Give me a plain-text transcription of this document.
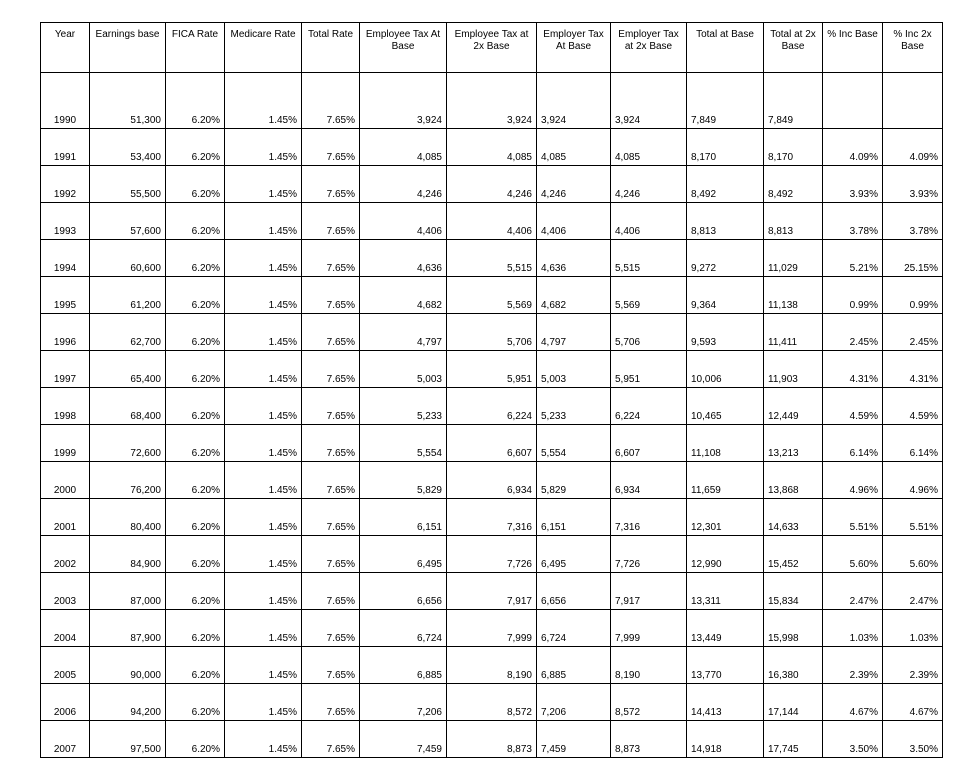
Year	Earnings base	FICA Rate	Medicare Rate	Total Rate	Employee Tax At Base	Employee Tax at 2x Base	Employer Tax At Base	Employer Tax at 2x Base	Total at Base	Total at 2x Base	% Inc Base	% Inc 2x Base
1990	51,300	6.20%	1.45%	7.65%	3,924	3,924	3,924	3,924	7,849	7,849		
1991	53,400	6.20%	1.45%	7.65%	4,085	4,085	4,085	4,085	8,170	8,170	4.09%	4.09%
1992	55,500	6.20%	1.45%	7.65%	4,246	4,246	4,246	4,246	8,492	8,492	3.93%	3.93%
1993	57,600	6.20%	1.45%	7.65%	4,406	4,406	4,406	4,406	8,813	8,813	3.78%	3.78%
1994	60,600	6.20%	1.45%	7.65%	4,636	5,515	4,636	5,515	9,272	11,029	5.21%	25.15%
1995	61,200	6.20%	1.45%	7.65%	4,682	5,569	4,682	5,569	9,364	11,138	0.99%	0.99%
1996	62,700	6.20%	1.45%	7.65%	4,797	5,706	4,797	5,706	9,593	11,411	2.45%	2.45%
1997	65,400	6.20%	1.45%	7.65%	5,003	5,951	5,003	5,951	10,006	11,903	4.31%	4.31%
1998	68,400	6.20%	1.45%	7.65%	5,233	6,224	5,233	6,224	10,465	12,449	4.59%	4.59%
1999	72,600	6.20%	1.45%	7.65%	5,554	6,607	5,554	6,607	11,108	13,213	6.14%	6.14%
2000	76,200	6.20%	1.45%	7.65%	5,829	6,934	5,829	6,934	11,659	13,868	4.96%	4.96%
2001	80,400	6.20%	1.45%	7.65%	6,151	7,316	6,151	7,316	12,301	14,633	5.51%	5.51%
2002	84,900	6.20%	1.45%	7.65%	6,495	7,726	6,495	7,726	12,990	15,452	5.60%	5.60%
2003	87,000	6.20%	1.45%	7.65%	6,656	7,917	6,656	7,917	13,311	15,834	2.47%	2.47%
2004	87,900	6.20%	1.45%	7.65%	6,724	7,999	6,724	7,999	13,449	15,998	1.03%	1.03%
2005	90,000	6.20%	1.45%	7.65%	6,885	8,190	6,885	8,190	13,770	16,380	2.39%	2.39%
2006	94,200	6.20%	1.45%	7.65%	7,206	8,572	7,206	8,572	14,413	17,144	4.67%	4.67%
2007	97,500	6.20%	1.45%	7.65%	7,459	8,873	7,459	8,873	14,918	17,745	3.50%	3.50%
